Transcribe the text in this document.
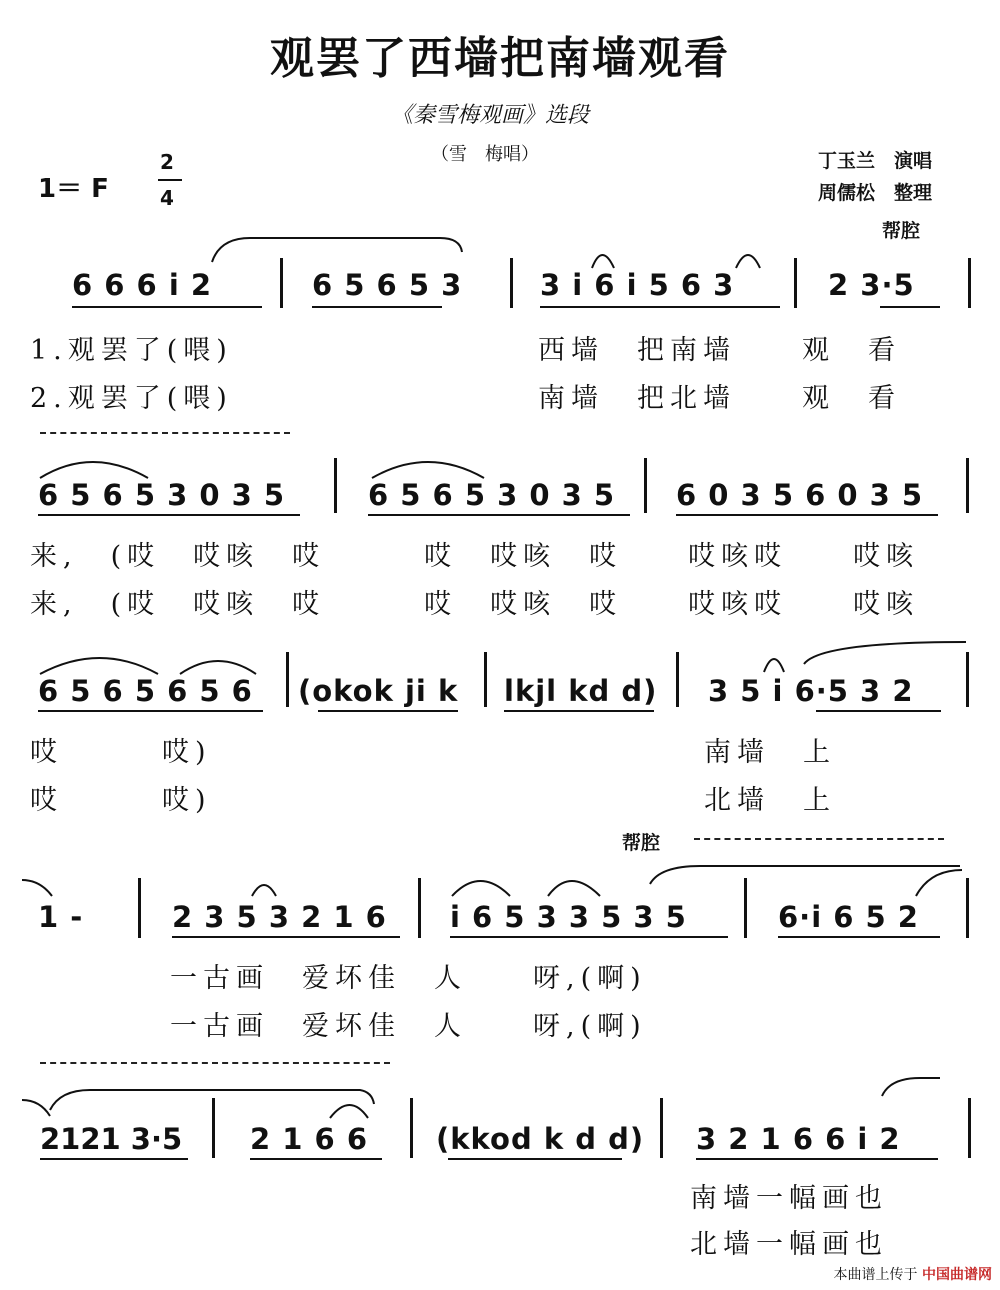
观罢了西墙把南墙观看
《秦雪梅观画》选段
（雪　梅唱）	丁玉兰　演唱
周儒松　整理
1＝ F
2
4
帮腔
6 6 6 i 2	6 5 6 5 3	3 i 6 i 5 6 3	2 3·5
1.观罢了(喂)	西墙　把南墙　　观　看
2.观罢了(喂)	南墙　把北墙　　观　看
6 5 6 5 3 0 3 5	6 5 6 5 3 0 3 5 6 0 3 5 6 0 3 5
来,　(哎　哎咳　哎　　　哎　哎咳　哎　　哎咳哎　　哎咳
来,　(哎　哎咳　哎　　　哎　哎咳　哎　　哎咳哎　　哎咳
6 5 6 5 6 5 6 (okok ji k lkjl kd d) 3 5 i 6·5 3 2
哎　　　哎)	南墙　上
哎　　　哎)	北墙　上
帮腔
1 -	2 3 5 3 2 1 6 i 6 5 3 3 5 3 5	6·i 6 5 2
一古画　爱坏佳　人　　呀,(啊)
一古画　爱坏佳　人　　呀,(啊)
2121 3·5 2 1 6 6 (kkod k d d) 3 2 1 6 6 i 2
南墙一幅画也
北墙一幅画也
本曲谱上传于 中国曲谱网
